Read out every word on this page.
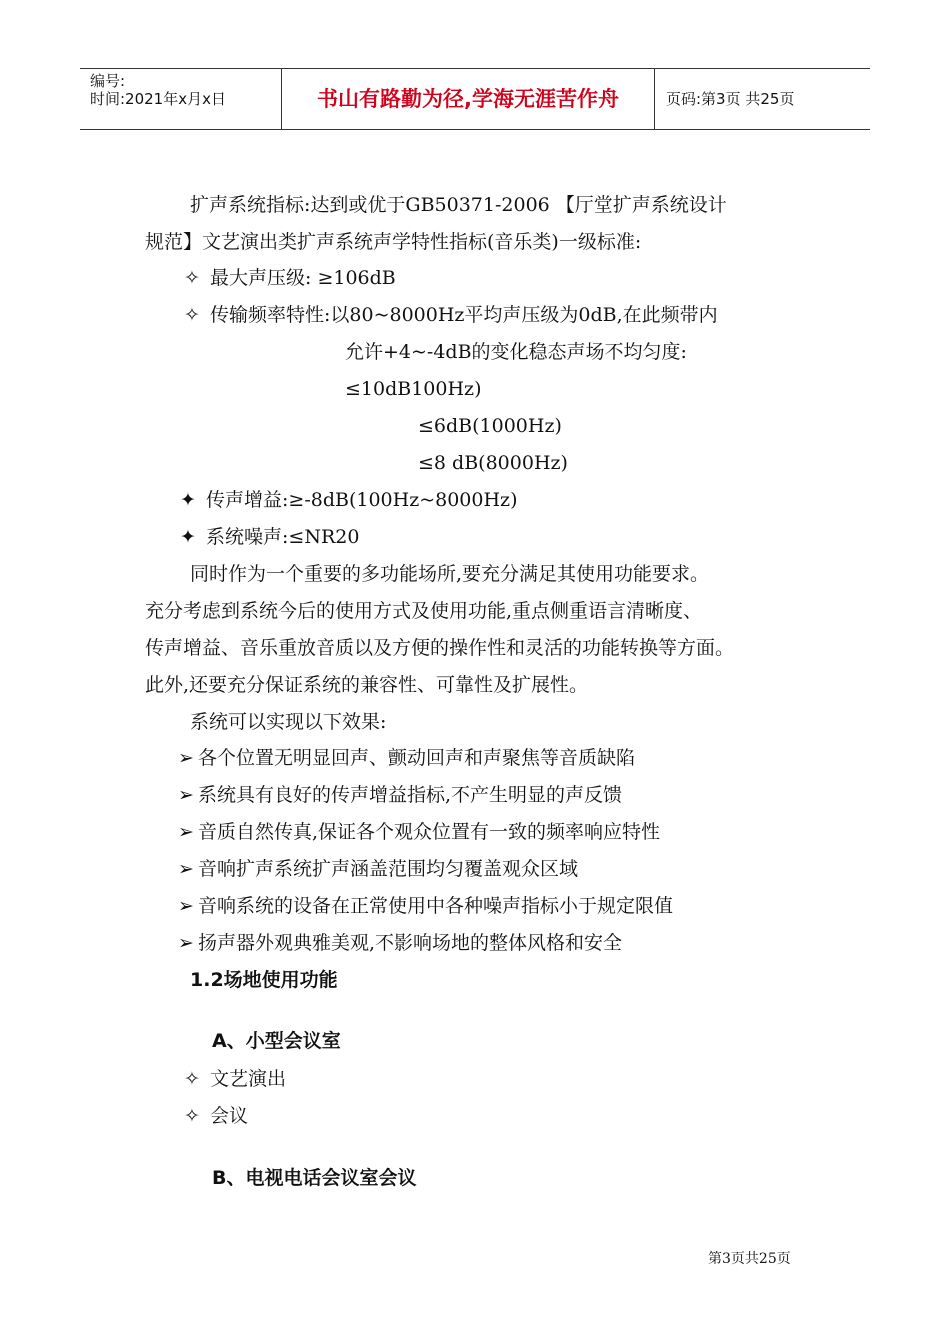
编号:
时间:2021年x月x日	书山有路勤为径,学海无涯苦作舟	页码:第3页 共25页
扩声系统指标:达到或优于GB50371-2006 【厅堂扩声系统设计
规范】文艺演出类扩声系统声学特性指标(音乐类)一级标准:
✧ 最大声压级: ≥106dB
✧ 传输频率特性:以80~8000Hz平均声压级为0dB,在此频带内
允许+4~-4dB的变化稳态声场不均匀度:
≤10dB100Hz)
≤6dB(1000Hz)
≤8 dB(8000Hz)
✦ 传声增益:≥-8dB(100Hz~8000Hz)
✦ 系统噪声:≤NR20
同时作为一个重要的多功能场所,要充分满足其使用功能要求。
充分考虑到系统今后的使用方式及使用功能,重点侧重语言清晰度、
传声增益、音乐重放音质以及方便的操作性和灵活的功能转换等方面。
此外,还要充分保证系统的兼容性、可靠性及扩展性。
系统可以实现以下效果:
➢ 各个位置无明显回声、颤动回声和声聚焦等音质缺陷
➢ 系统具有良好的传声增益指标,不产生明显的声反馈
➢ 音质自然传真,保证各个观众位置有一致的频率响应特性
➢ 音响扩声系统扩声涵盖范围均匀覆盖观众区域
➢ 音响系统的设备在正常使用中各种噪声指标小于规定限值
➢ 扬声器外观典雅美观,不影响场地的整体风格和安全
1.2场地使用功能
A、小型会议室
✧ 文艺演出
✧ 会议
B、电视电话会议室会议
第3页共25页
